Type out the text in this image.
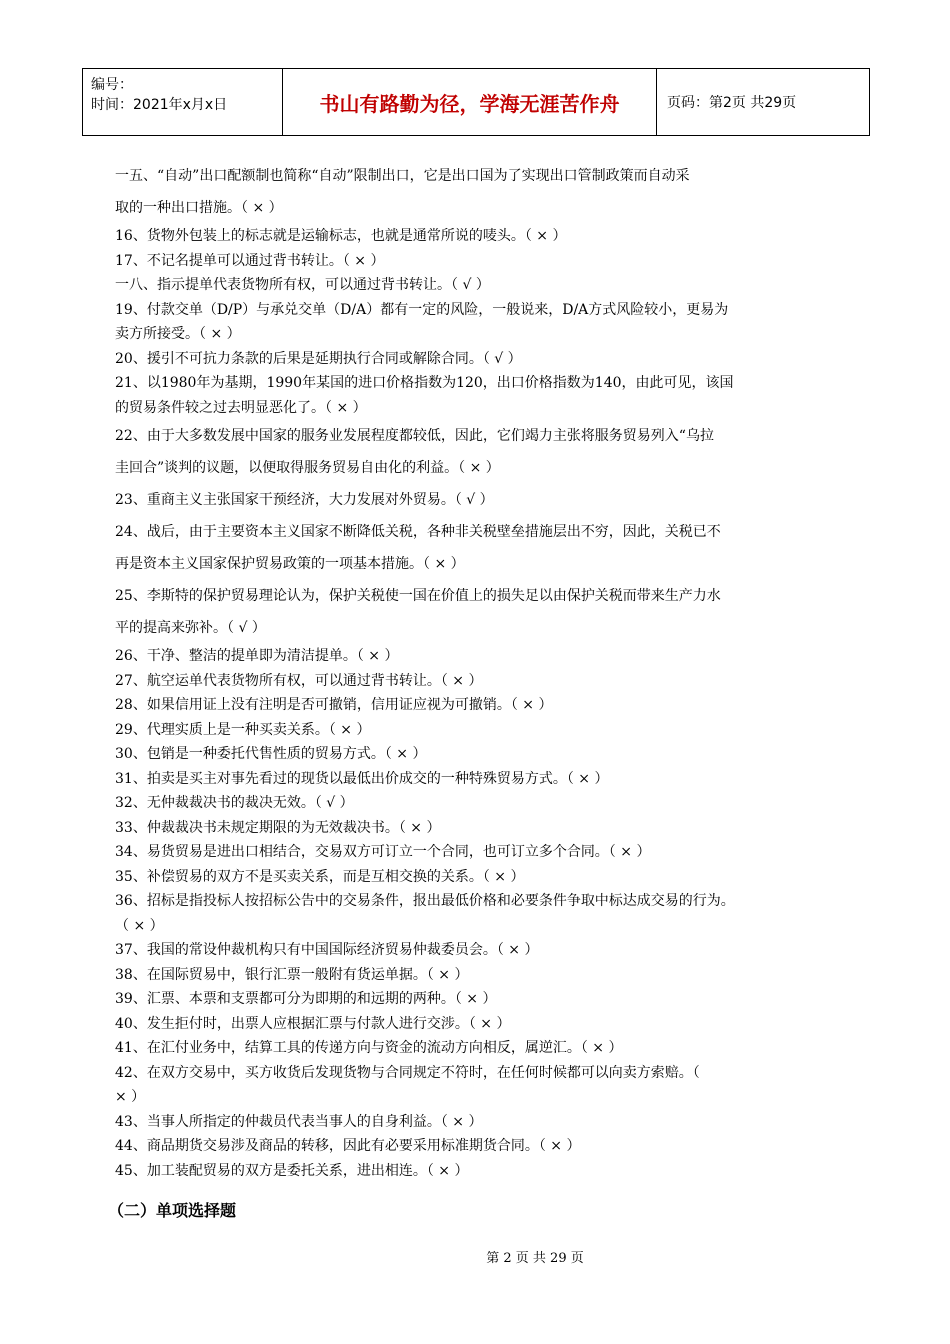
编号：
时间：2021年x月x日	书山有路勤为径，学海无涯苦作舟	页码：第2页 共29页
一五、“自动”出口配额制也简称“自动”限制出口，它是出口国为了实现出口管制政策而自动采
取的一种出口措施。（ × ）
16、货物外包装上的标志就是运输标志，也就是通常所说的唛头。（ × ）
17、不记名提单可以通过背书转让。（ × ）
一八、指示提单代表货物所有权，可以通过背书转让。（ √ ）
19、付款交单（D/P）与承兑交单（D/A）都有一定的风险，一般说来，D/A方式风险较小，更易为
卖方所接受。（ × ）
20、援引不可抗力条款的后果是延期执行合同或解除合同。（ √ ）
21、以1980年为基期，1990年某国的进口价格指数为120，出口价格指数为140，由此可见，该国
的贸易条件较之过去明显恶化了。（ × ）
22、由于大多数发展中国家的服务业发展程度都较低，因此，它们竭力主张将服务贸易列入“乌拉
圭回合”谈判的议题，以便取得服务贸易自由化的利益。（ × ）
23、重商主义主张国家干预经济，大力发展对外贸易。（ √ ）
24、战后，由于主要资本主义国家不断降低关税，各种非关税壁垒措施层出不穷，因此，关税已不
再是资本主义国家保护贸易政策的一项基本措施。（ × ）
25、李斯特的保护贸易理论认为，保护关税使一国在价值上的损失足以由保护关税而带来生产力水
平的提高来弥补。（ √ ）
26、干净、整洁的提单即为清洁提单。（ × ）
27、航空运单代表货物所有权，可以通过背书转让。（ × ）
28、如果信用证上没有注明是否可撤销，信用证应视为可撤销。（ × ）
29、代理实质上是一种买卖关系。（ × ）
30、包销是一种委托代售性质的贸易方式。（ × ）
31、拍卖是买主对事先看过的现货以最低出价成交的一种特殊贸易方式。（ × ）
32、无仲裁裁决书的裁决无效。（ √ ）
33、仲裁裁决书未规定期限的为无效裁决书。（ × ）
34、易货贸易是进出口相结合，交易双方可订立一个合同，也可订立多个合同。（ × ）
35、补偿贸易的双方不是买卖关系，而是互相交换的关系。（ × ）
36、招标是指投标人按招标公告中的交易条件，报出最低价格和必要条件争取中标达成交易的行为。
（ × ）
37、我国的常设仲裁机构只有中国国际经济贸易仲裁委员会。（ × ）
38、在国际贸易中，银行汇票一般附有货运单据。（ × ）
39、汇票、本票和支票都可分为即期的和远期的两种。（ × ）
40、发生拒付时，出票人应根据汇票与付款人进行交涉。（ × ）
41、在汇付业务中，结算工具的传递方向与资金的流动方向相反，属逆汇。（ × ）
42、在双方交易中，买方收货后发现货物与合同规定不符时，在任何时候都可以向卖方索赔。（
× ）
43、当事人所指定的仲裁员代表当事人的自身利益。（ × ）
44、商品期货交易涉及商品的转移，因此有必要采用标准期货合同。（ × ）
45、加工装配贸易的双方是委托关系，进出相连。（ × ）
（二）单项选择题
第 2 页 共 29 页
